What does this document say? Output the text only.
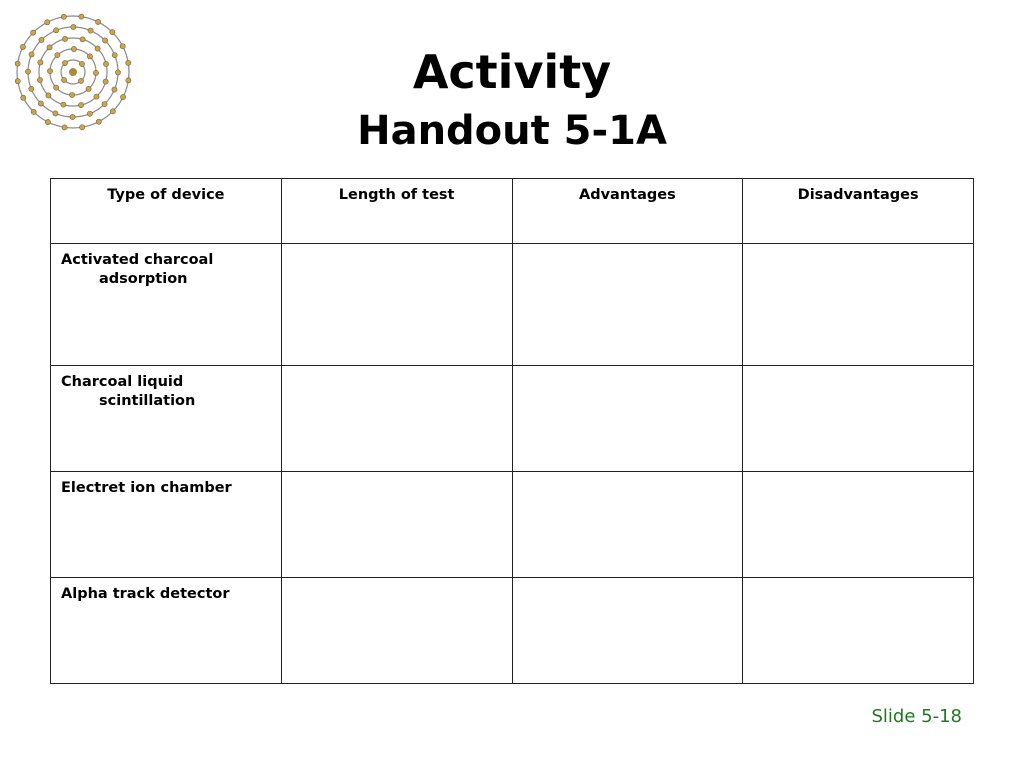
Activity
Handout 5-1A
Type of device	Length of test	Advantages	Disadvantages

Activated charcoal
adsorption			

Charcoal liquid
scintillation			

Electret ion chamber			

Alpha track detector			

Slide 5-18
